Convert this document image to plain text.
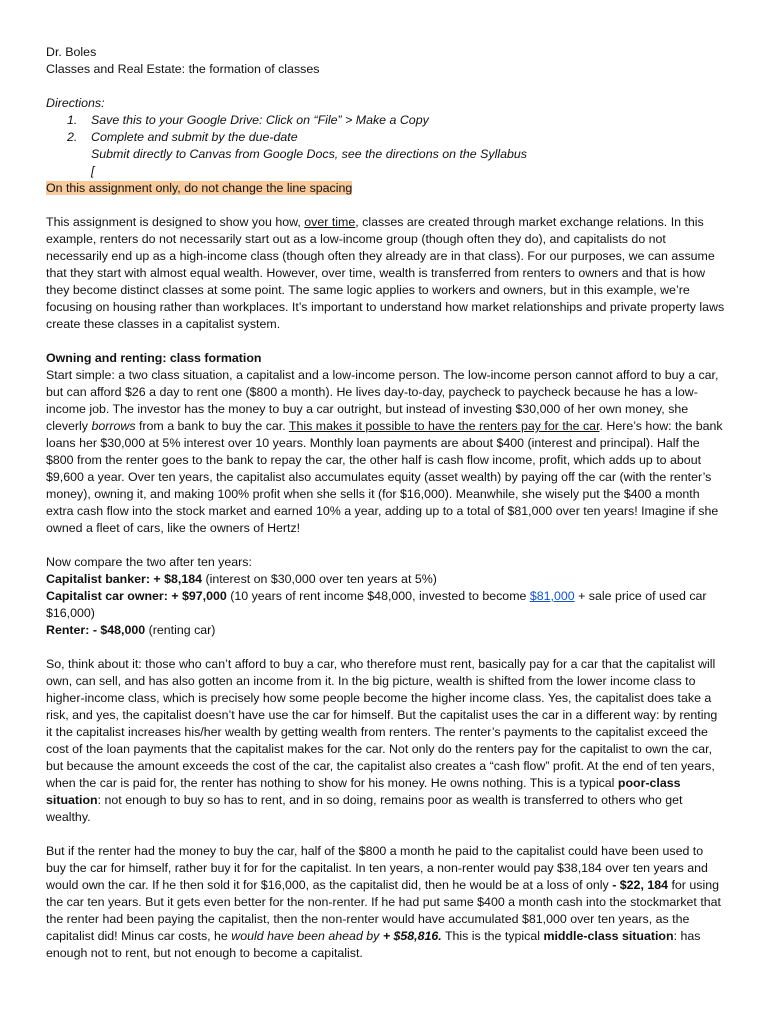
Dr. Boles

Classes and Real Estate: the formation of classes

Directions:

1. Save this to your Google Drive: Click on “File” > Make a Copy
2. Complete and submit by the due-date
Submit directly to Canvas from Google Docs, see the directions on the Syllabus
[

On this assignment only, do not change the line spacing

This assignment is designed to show you how, over time, classes are created through market exchange relations. In this example, renters do not necessarily start out as a low-income group (though often they do), and capitalists do not necessarily end up as a high-income class (though often they already are in that class). For our purposes, we can assume that they start with almost equal wealth. However, over time, wealth is transferred from renters to owners and that is how they become distinct classes at some point. The same logic applies to workers and owners, but in this example, we’re focusing on housing rather than workplaces. It’s important to understand how market relationships and private property laws create these classes in a capitalist system.

Owning and renting: class formation

Start simple: a two class situation, a capitalist and a low-income person. The low-income person cannot afford to buy a car, but can afford $26 a day to rent one ($800 a month). He lives day-to-day, paycheck to paycheck because he has a low-income job. The investor has the money to buy a car outright, but instead of investing $30,000 of her own money, she cleverly borrows from a bank to buy the car. This makes it possible to have the renters pay for the car. Here’s how: the bank loans her $30,000 at 5% interest over 10 years. Monthly loan payments are about $400 (interest and principal). Half the $800 from the renter goes to the bank to repay the car, the other half is cash flow income, profit, which adds up to about $9,600 a year. Over ten years, the capitalist also accumulates equity (asset wealth) by paying off the car (with the renter’s money), owning it, and making 100% profit when she sells it (for $16,000). Meanwhile, she wisely put the $400 a month extra cash flow into the stock market and earned 10% a year, adding up to a total of $81,000 over ten years! Imagine if she owned a fleet of cars, like the owners of Hertz!

Now compare the two after ten years:

Capitalist banker: + $8,184 (interest on $30,000 over ten years at 5%)

Capitalist car owner: + $97,000 (10 years of rent income $48,000, invested to become $81,000 + sale price of used car $16,000)

Renter: - $48,000 (renting car)

So, think about it: those who can’t afford to buy a car, who therefore must rent, basically pay for a car that the capitalist will own, can sell, and has also gotten an income from it. In the big picture, wealth is shifted from the lower income class to higher-income class, which is precisely how some people become the higher income class. Yes, the capitalist does take a risk, and yes, the capitalist doesn’t have use the car for himself. But the capitalist uses the car in a different way: by renting it the capitalist increases his/her wealth by getting wealth from renters. The renter’s payments to the capitalist exceed the cost of the loan payments that the capitalist makes for the car. Not only do the renters pay for the capitalist to own the car, but because the amount exceeds the cost of the car, the capitalist also creates a “cash flow” profit. At the end of ten years, when the car is paid for, the renter has nothing to show for his money. He owns nothing. This is a typical poor-class situation: not enough to buy so has to rent, and in so doing, remains poor as wealth is transferred to others who get wealthy.

But if the renter had the money to buy the car, half of the $800 a month he paid to the capitalist could have been used to buy the car for himself, rather buy it for for the capitalist. In ten years, a non-renter would pay $38,184 over ten years and would own the car. If he then sold it for $16,000, as the capitalist did, then he would be at a loss of only - $22, 184 for using the car ten years. But it gets even better for the non-renter. If he had put same $400 a month cash into the stockmarket that the renter had been paying the capitalist, then the non-renter would have accumulated $81,000 over ten years, as the capitalist did! Minus car costs, he would have been ahead by + $58,816. This is the typical middle-class situation: has enough not to rent, but not enough to become a capitalist.
